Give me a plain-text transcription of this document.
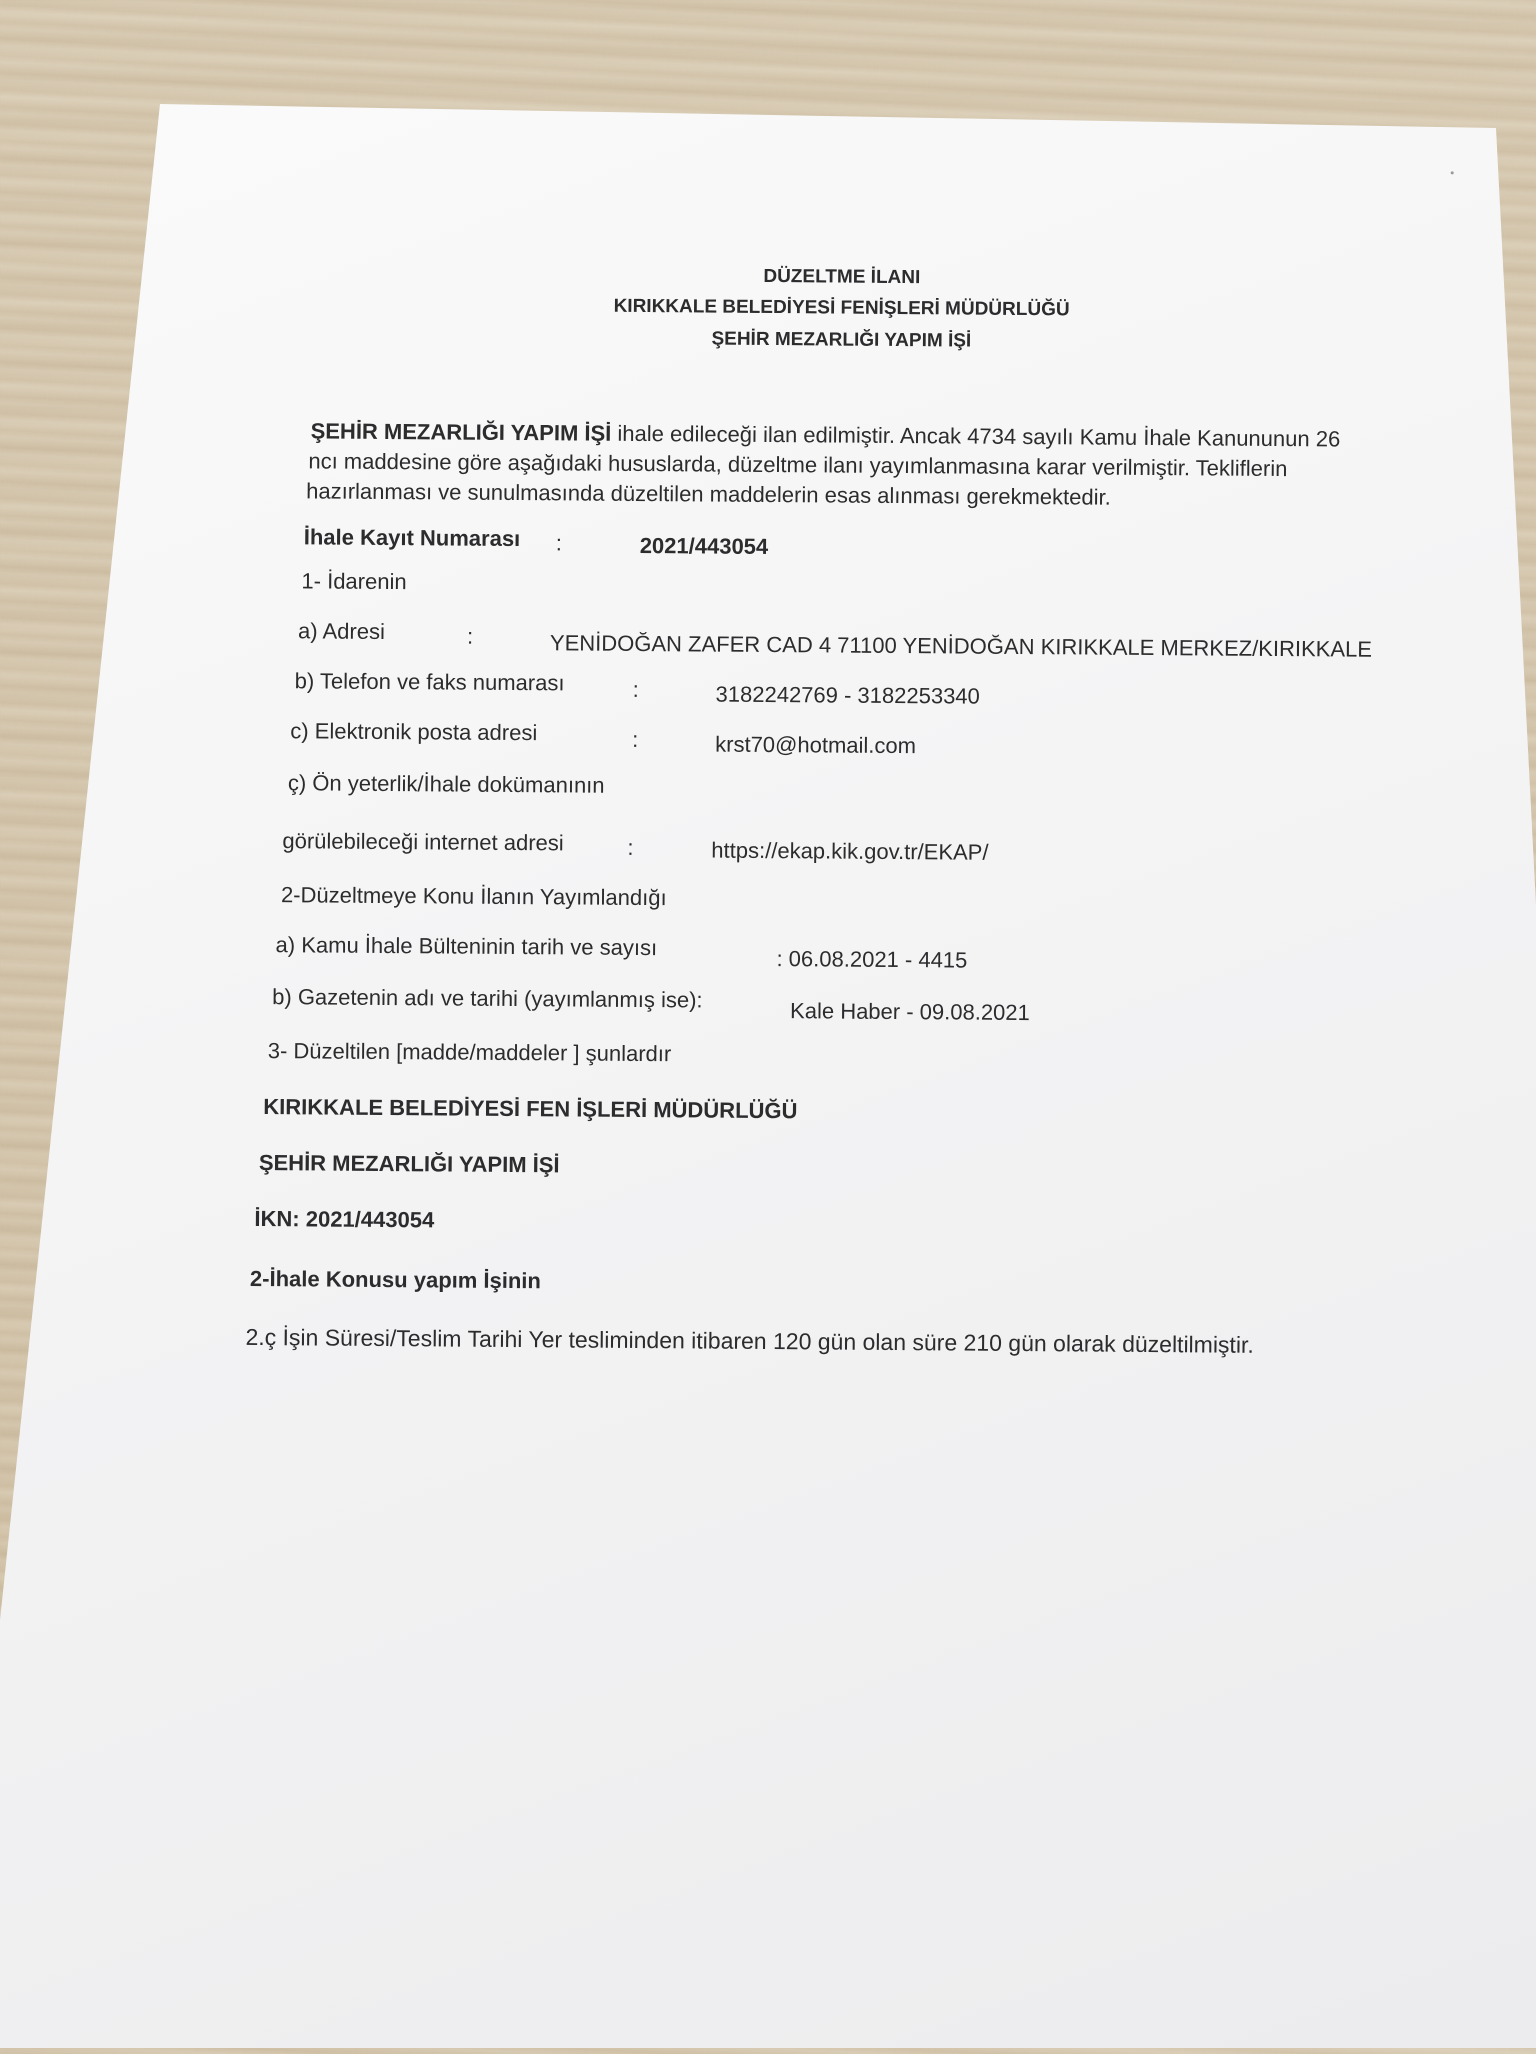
DÜZELTME İLANI
KIRIKKALE BELEDİYESİ FENİŞLERİ MÜDÜRLÜĞÜ
ŞEHİR MEZARLIĞI YAPIM İŞİ
ŞEHİR MEZARLIĞI YAPIM İŞİ ihale edileceği ilan edilmiştir. Ancak 4734 sayılı Kamu İhale Kanununun 26
ncı maddesine göre aşağıdaki hususlarda, düzeltme ilanı yayımlanmasına karar verilmiştir. Tekliflerin
hazırlanması ve sunulmasında düzeltilen maddelerin esas alınması gerekmektedir.
İhale Kayıt Numarası :	2021/443054
1- İdarenin
a) Adresi	:	YENİDOĞAN ZAFER CAD 4 71100 YENİDOĞAN KIRIKKALE MERKEZ/KIRIKKALE
b) Telefon ve faks numarası	:	3182242769 - 3182253340
c) Elektronik posta adresi	:	krst70@hotmail.com
ç) Ön yeterlik/İhale dokümanının
görülebileceği internet adresi	:	https://ekap.kik.gov.tr/EKAP/
2-Düzeltmeye Konu İlanın Yayımlandığı
a) Kamu İhale Bülteninin tarih ve sayısı	: 06.08.2021 - 4415
b) Gazetenin adı ve tarihi (yayımlanmış ise):	Kale Haber - 09.08.2021
3- Düzeltilen [madde/maddeler ] şunlardır
KIRIKKALE BELEDİYESİ FEN İŞLERİ MÜDÜRLÜĞÜ
ŞEHİR MEZARLIĞI YAPIM İŞİ
İKN: 2021/443054
2-İhale Konusu yapım İşinin
2.ç İşin Süresi/Teslim Tarihi Yer tesliminden itibaren 120 gün olan süre 210 gün olarak düzeltilmiştir.
